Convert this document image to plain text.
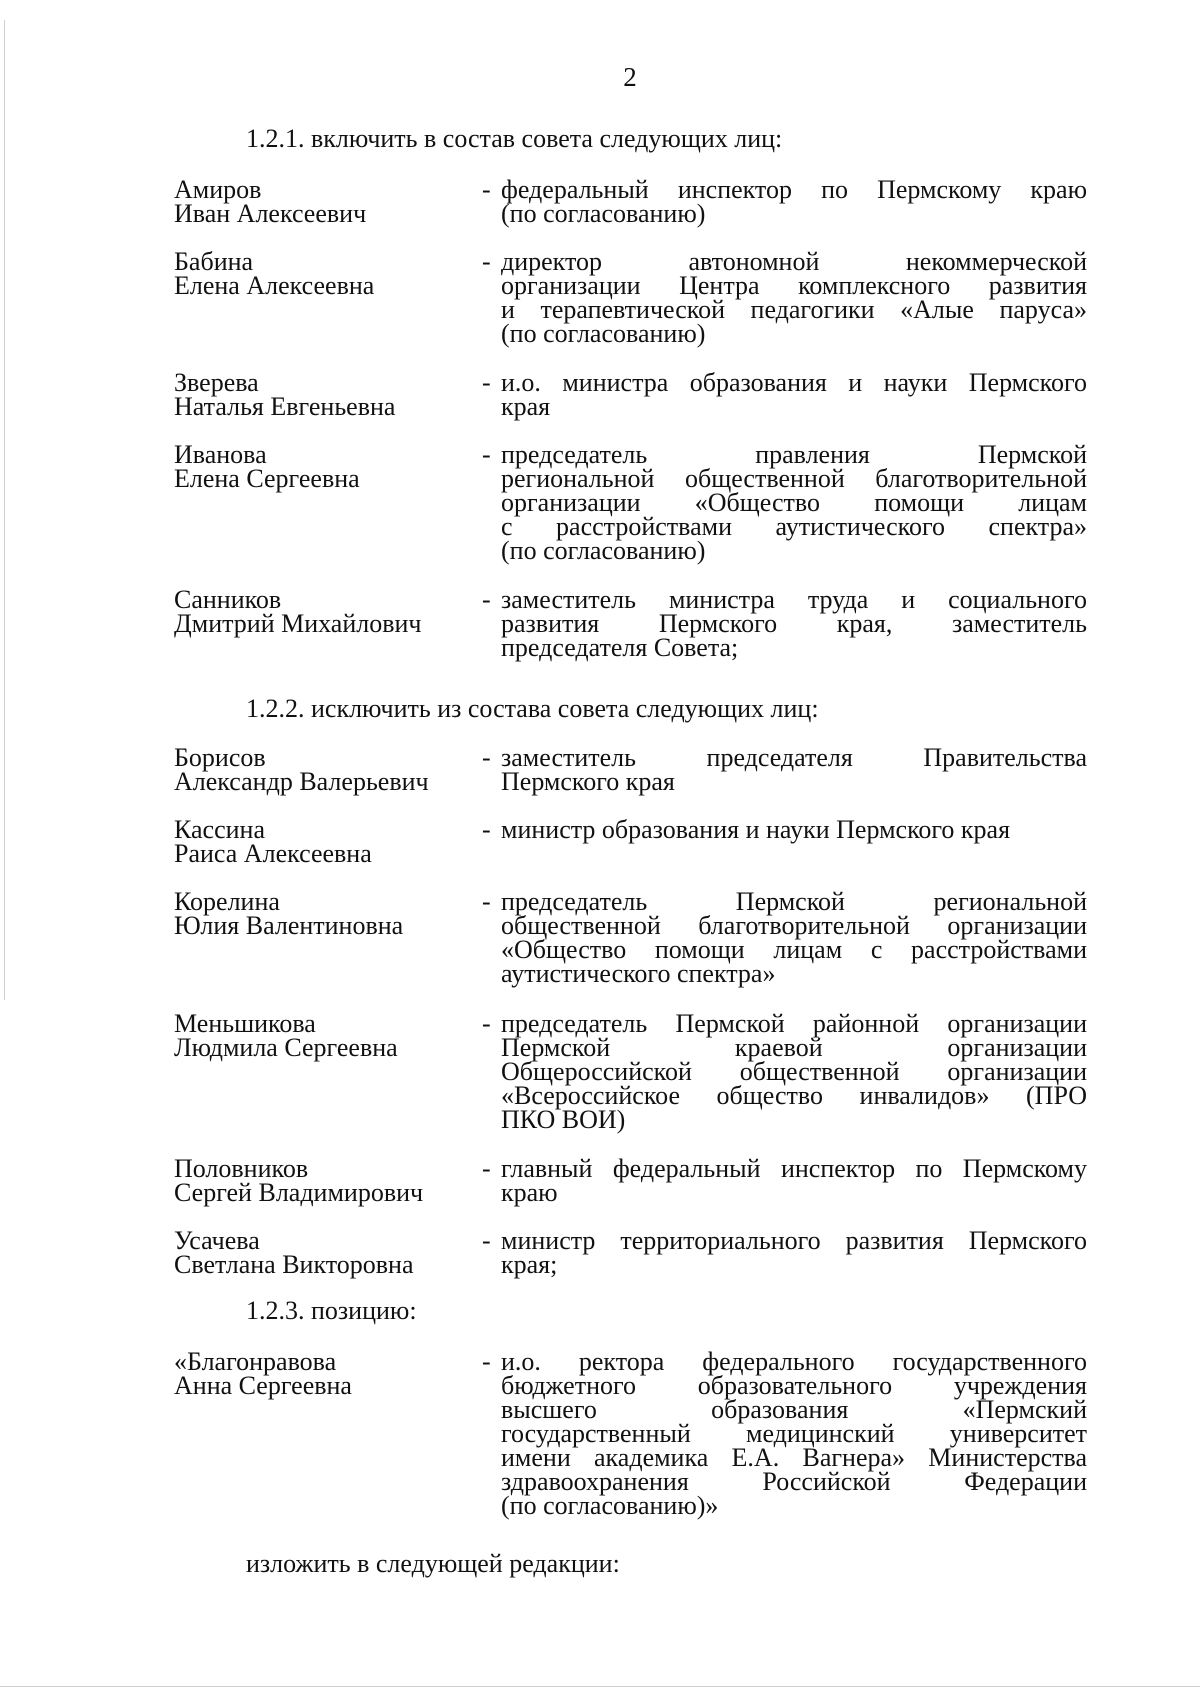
2
1.2.1. включить в состав совета следующих лиц:
Амиров
Иван Алексеевич
- федеральный инспектор по Пермскому краю
(по согласованию)
Бабина
Елена Алексеевна
- директор автономной некоммерческой
организации Центра комплексного развития
и терапевтической педагогики «Алые паруса»
(по согласованию)
Зверева
Наталья Евгеньевна
- и.о. министра образования и науки Пермского
края
Иванова
Елена Сергеевна
- председатель правления Пермской
региональной общественной благотворительной
организации «Общество помощи лицам
с расстройствами аутистического спектра»
(по согласованию)
Санников
Дмитрий Михайлович
- заместитель министра труда и социального
развития Пермского края, заместитель
председателя Совета;
1.2.2. исключить из состава совета следующих лиц:
Борисов
Александр Валерьевич
- заместитель председателя Правительства
Пермского края
Кассина
Раиса Алексеевна
- министр образования и науки Пермского края
Корелина
Юлия Валентиновна
- председатель Пермской региональной
общественной благотворительной организации
«Общество помощи лицам с расстройствами
аутистического спектра»
Меньшикова
Людмила Сергеевна
- председатель Пермской районной организации
Пермской краевой организации
Общероссийской общественной организации
«Всероссийское общество инвалидов» (ПРО
ПКО ВОИ)
Половников
Сергей Владимирович
- главный федеральный инспектор по Пермскому
краю
Усачева
Светлана Викторовна
- министр территориального развития Пермского
края;
1.2.3. позицию:
«Благонравова
Анна Сергеевна
- и.о. ректора федерального государственного
бюджетного образовательного учреждения
высшего образования «Пермский
государственный медицинский университет
имени академика Е.А. Вагнера» Министерства
здравоохранения Российской Федерации
(по согласованию)»
изложить в следующей редакции:
